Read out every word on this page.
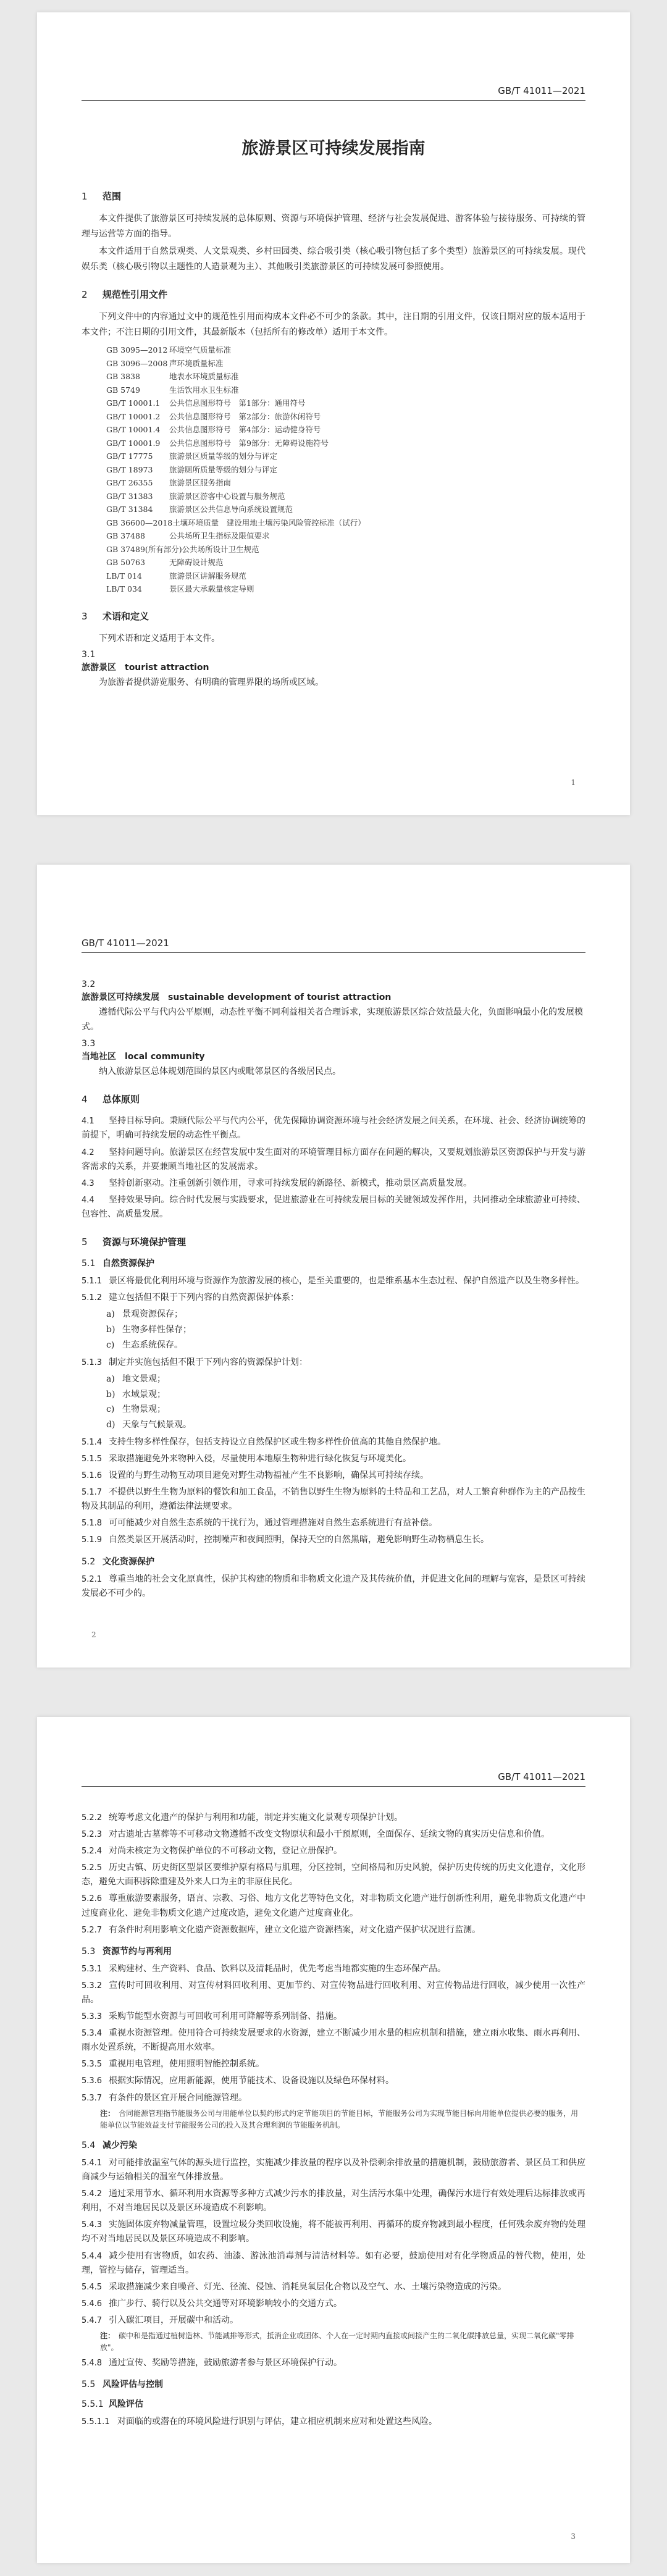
GB/T 41011—2021
旅游景区可持续发展指南
1 范围
本文件提供了旅游景区可持续发展的总体原则、资源与环境保护管理、经济与社会发展促进、游客体验与接待服务、可持续的管理与运营等方面的指导。
本文件适用于自然景观类、人文景观类、乡村田园类、综合吸引类（核心吸引物包括了多个类型）旅游景区的可持续发展。现代娱乐类（核心吸引物以主题性的人造景观为主）、其他吸引类旅游景区的可持续发展可参照使用。
2 规范性引用文件
下列文件中的内容通过文中的规范性引用而构成本文件必不可少的条款。其中，注日期的引用文件，仅该日期对应的版本适用于本文件；不注日期的引用文件，其最新版本（包括所有的修改单）适用于本文件。
GB 3095—2012 环境空气质量标准
GB 3096—2008 声环境质量标准
GB 3838	地表水环境质量标准
GB 5749	生活饮用水卫生标准
GB/T 10001.1 公共信息图形符号　第1部分：通用符号
GB/T 10001.2 公共信息图形符号　第2部分：旅游休闲符号
GB/T 10001.4 公共信息图形符号　第4部分：运动健身符号
GB/T 10001.9 公共信息图形符号　第9部分：无障碍设施符号
GB/T 17775 旅游景区质量等级的划分与评定
GB/T 18973 旅游厕所质量等级的划分与评定
GB/T 26355 旅游景区服务指南
GB/T 31383 旅游景区游客中心设置与服务规范
GB/T 31384 旅游景区公共信息导向系统设置规范
GB 36600—2018土壤环境质量　建设用地土壤污染风险管控标准（试行）
GB 37488	公共场所卫生指标及限值要求
GB 37489(所有部分)公共场所设计卫生规范
GB 50763	无障碍设计规范
LB/T 014	旅游景区讲解服务规范
LB/T 034	景区最大承载量核定导则
3 术语和定义
下列术语和定义适用于本文件。
3.1
旅游景区　tourist attraction
为旅游者提供游览服务、有明确的管理界限的场所或区域。
1
GB/T 41011—2021
3.2
旅游景区可持续发展　sustainable development of tourist attraction
遵循代际公平与代内公平原则，动态性平衡不同利益相关者合理诉求，实现旅游景区综合效益最大化，负面影响最小化的发展模式。
3.3
当地社区　local community
纳入旅游景区总体规划范围的景区内或毗邻景区的各级居民点。
4 总体原则
4.1 坚持目标导向。秉顾代际公平与代内公平，优先保障协调资源环境与社会经济发展之间关系，在环境、社会、经济协调统筹的前提下，明确可持续发展的动态性平衡点。
4.2 坚持问题导向。旅游景区在经营发展中发生面对的环境管理目标方面存在问题的解决，又要规划旅游景区资源保护与开发与游客需求的关系，并要兼顾当地社区的发展需求。
4.3 坚持创新驱动。注重创新引领作用，寻求可持续发展的新路径、新模式，推动景区高质量发展。
4.4 坚持效果导向。综合时代发展与实践要求，促进旅游业在可持续发展目标的关键领域发挥作用，共同推动全球旅游业可持续、包容性、高质量发展。
5 资源与环境保护管理
5.1 自然资源保护
5.1.1 景区将最优化利用环境与资源作为旅游发展的核心，是至关重要的，也是维系基本生态过程、保护自然遗产以及生物多样性。
5.1.2 建立包括但不限于下列内容的自然资源保护体系：
a) 景观资源保存；
b) 生物多样性保存；
c) 生态系统保存。
5.1.3 制定并实施包括但不限于下列内容的资源保护计划：
a) 地文景观；
b) 水域景观；
c) 生物景观；
d) 天象与气候景观。
5.1.4 支持生物多样性保存，包括支持设立自然保护区或生物多样性价值高的其他自然保护地。
5.1.5 采取措施避免外来物种入侵，尽量使用本地原生物种进行绿化恢复与环境美化。
5.1.6 设置的与野生动物互动项目避免对野生动物福祉产生不良影响，确保其可持续存续。
5.1.7 不提供以野生生物为原料的餐饮和加工食品，不销售以野生生物为原料的土特品和工艺品，对人工繁育种群作为主的产品按生物及其制品的利用，遵循法律法规要求。
5.1.8 可可能减少对自然生态系统的干扰行为，通过管理措施对自然生态系统进行有益补偿。
5.1.9 自然类景区开展活动时，控制噪声和夜间照明，保持天空的自然黑暗，避免影响野生动物栖息生长。
5.2 文化资源保护
5.2.1 尊重当地的社会文化原真性，保护其构建的物质和非物质文化遗产及其传统价值，并促进文化间的理解与宽容，是景区可持续发展必不可少的。
2
GB/T 41011—2021
5.2.2 统筹考虑文化遗产的保护与利用和功能，制定并实施文化景观专项保护计划。
5.2.3 对古遗址古墓葬等不可移动文物遵循不改变文物原状和最小干预原则，全面保存、延续文物的真实历史信息和价值。
5.2.4 对尚未核定为文物保护单位的不可移动文物，登记立册保护。
5.2.5 历史古镇、历史街区型景区要维护原有格局与肌理，分区控制，空间格局和历史风貌，保护历史传统的历史文化遗存，文化形态，避免大面积拆除重建及外来人口为主的非原住民化。
5.2.6 尊重旅游要素服务，语言、宗教、习俗、地方文化艺等特色文化，对非物质文化遗产进行创新性利用，避免非物质文化遗产中过度商业化、避免非物质文化遗产过度改造，避免文化遗产过度商业化。
5.2.7 有条件时利用影响文化遗产资源数据库，建立文化遗产资源档案，对文化遗产保护状况进行监测。
5.3 资源节约与再利用
5.3.1 采购建材、生产资料、食品、饮料以及清耗品时，优先考虑当地都实施的生态环保产品。
5.3.2 宣传时可回收利用、对宣传材料回收利用、更加节约、对宣传物品进行回收利用、对宣传物品进行回收，减少使用一次性产品。
5.3.3 采购节能型水资源与可回收可利用可降解等系列制备、措施。
5.3.4 重视水资源管理。使用符合可持续发展要求的水资源，建立不断减少用水量的相应机制和措施，建立雨水收集、雨水再利用、雨水处置系统，不断提高用水效率。
5.3.5 重视用电管理，使用照明智能控制系统。
5.3.6 根据实际情况，应用新能源，使用节能技术、设备设施以及绿色环保材料。
5.3.7 有条件的景区宜开展合同能源管理。
注： 合同能源管理指节能服务公司与用能单位以契约形式约定节能项目的节能目标，节能服务公司为实现节能目标向用能单位提供必要的服务，用能单位以节能效益支付节能服务公司的投入及其合理利润的节能服务机制。
5.4 减少污染
5.4.1 对可能排放温室气体的源头进行监控，实施减少排放量的程序以及补偿剩余排放量的措施机制，鼓励旅游者、景区员工和供应商减少与运输相关的温室气体排放量。
5.4.2 通过采用节水、循环利用水资源等多种方式减少污水的排放量，对生活污水集中处理，确保污水进行有效处理后达标排放或再利用，不对当地居民以及景区环境造成不利影响。
5.4.3 实施固体废弃物减量管理，设置垃圾分类回收设施，将不能被再利用、再循环的废弃物减到最小程度，任何残余废弃物的处理均不对当地居民以及景区环境造成不利影响。
5.4.4 减少使用有害物质，如农药、油漆、游泳池消毒剂与清洁材料等。如有必要，鼓励使用对有化学物质品的替代物，使用，处理，管控与储存，管理适当。
5.4.5 采取措施减少来自噪音、灯光、径流、侵蚀、消耗臭氧层化合物以及空气、水、土壤污染物造成的污染。
5.4.6 推广步行、骑行以及公共交通等对环境影响较小的交通方式。
5.4.7 引入碳汇项目，开展碳中和活动。
注： 碳中和是指通过植树造林、节能减排等形式，抵消企业或团体、个人在一定时期内直接或间接产生的二氧化碳排放总量，实现二氧化碳"零排放"。
5.4.8 通过宣传、奖励等措施，鼓励旅游者参与景区环境保护行动。
5.5 风险评估与控制
5.5.1 风险评估
5.5.1.1 对面临的或潜在的环境风险进行识别与评估，建立相应机制来应对和处置这些风险。
3
